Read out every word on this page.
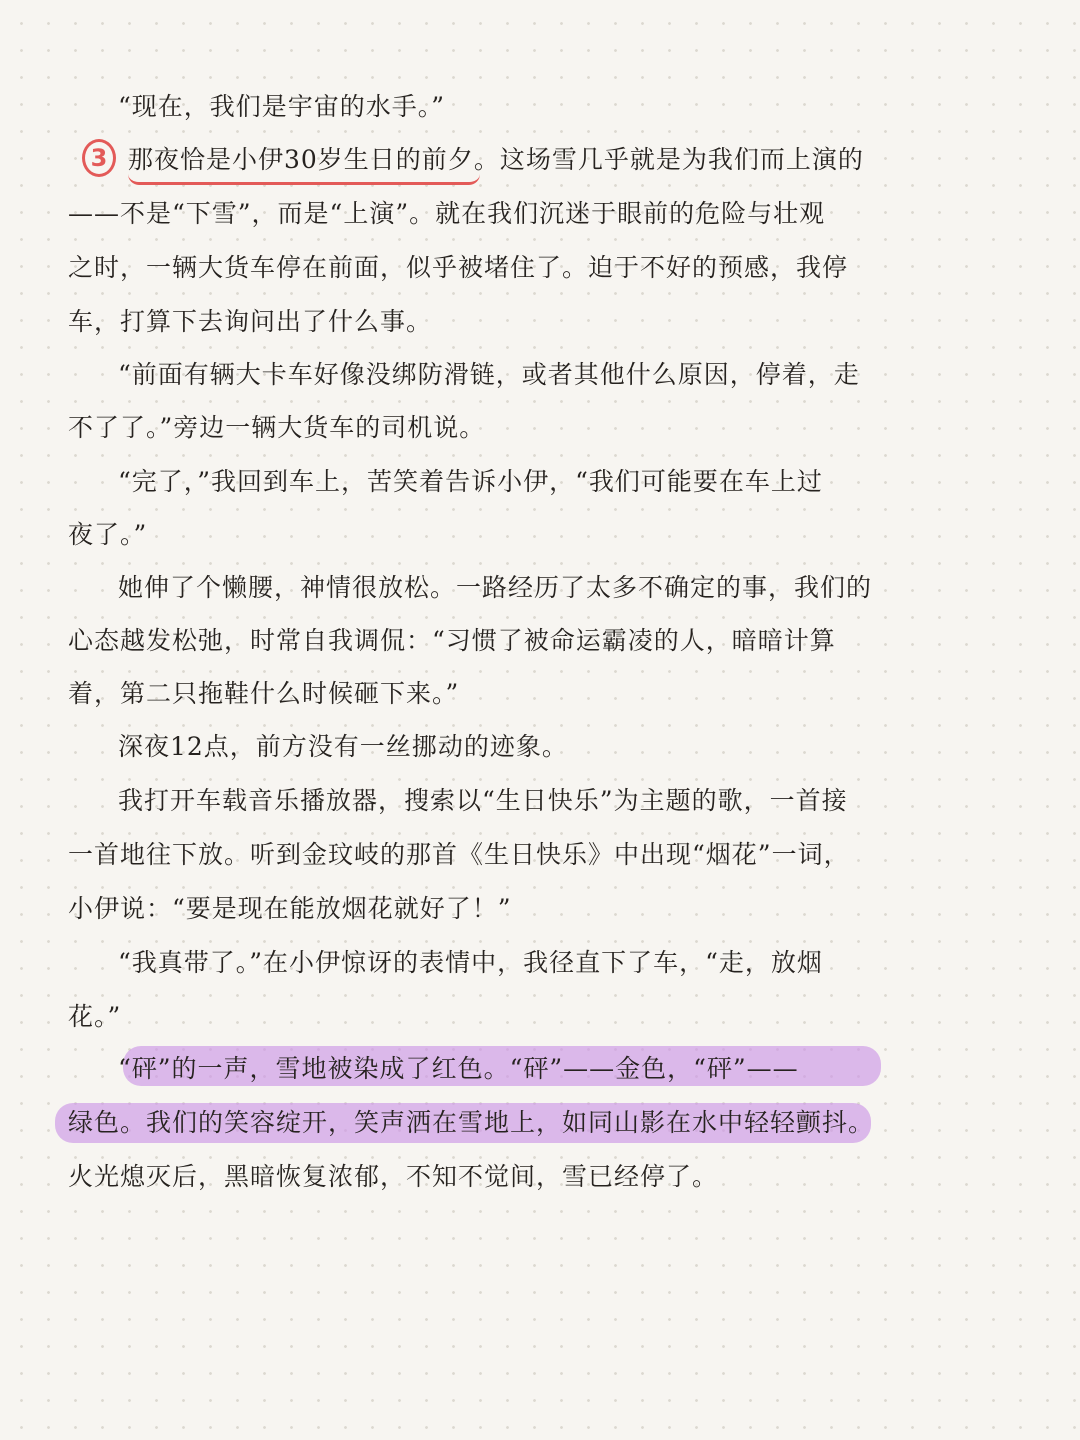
3
“现在，我们是宇宙的水手。”
那夜恰是小伊30岁生日的前夕。这场雪几乎就是为我们而上演的
——不是“下雪”，而是“上演”。就在我们沉迷于眼前的危险与壮观
之时，一辆大货车停在前面，似乎被堵住了。迫于不好的预感，我停
车，打算下去询问出了什么事。
“前面有辆大卡车好像没绑防滑链，或者其他什么原因，停着，走
不了了。”旁边一辆大货车的司机说。
“完了，”我回到车上，苦笑着告诉小伊，“我们可能要在车上过
夜了。”
她伸了个懒腰，神情很放松。一路经历了太多不确定的事，我们的
心态越发松弛，时常自我调侃：“习惯了被命运霸凌的人，暗暗计算
着，第二只拖鞋什么时候砸下来。”
深夜12点，前方没有一丝挪动的迹象。
我打开车载音乐播放器，搜索以“生日快乐”为主题的歌，一首接
一首地往下放。听到金玟岐的那首《生日快乐》中出现“烟花”一词，
小伊说：“要是现在能放烟花就好了！”
“我真带了。”在小伊惊讶的表情中，我径直下了车，“走，放烟
花。”
“砰”的一声，雪地被染成了红色。“砰”——金色，“砰”——
绿色。我们的笑容绽开，笑声洒在雪地上，如同山影在水中轻轻颤抖。
火光熄灭后，黑暗恢复浓郁，不知不觉间，雪已经停了。
